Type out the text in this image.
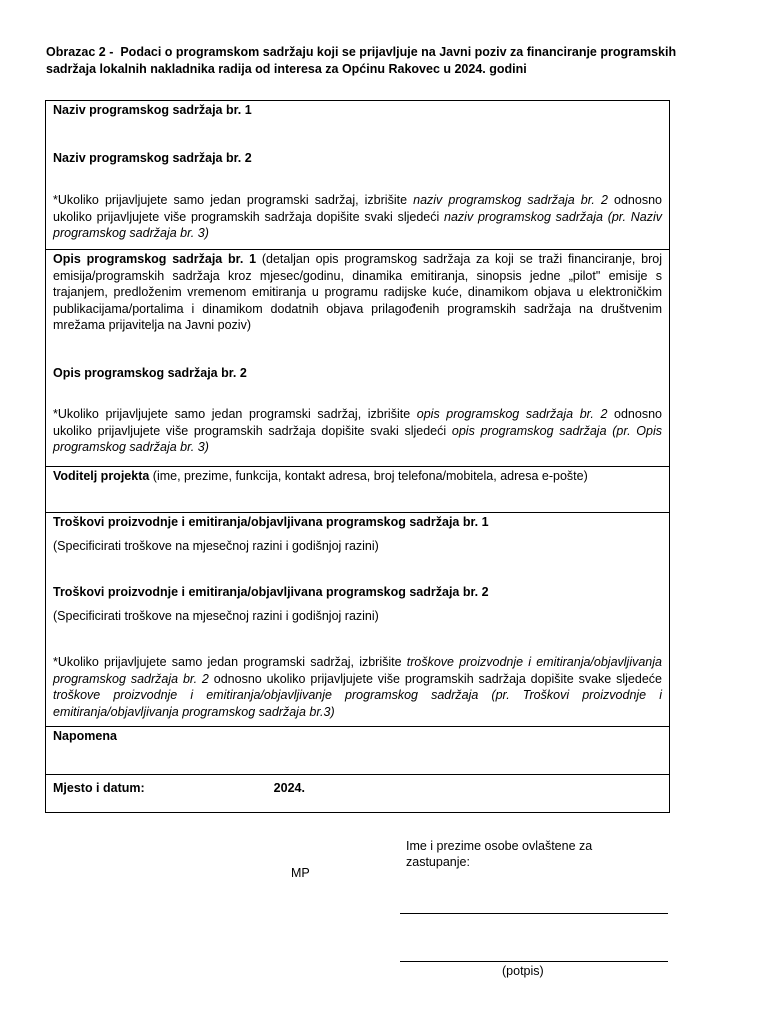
Obrazac 2 - Podaci o programskom sadržaju koji se prijavljuje na Javni poziv za financiranje programskih sadržaja lokalnih nakladnika radija od interesa za Općinu Rakovec u 2024. godini

Naziv programskog sadržaja br. 1

Naziv programskog sadržaja br. 2

*Ukoliko prijavljujete samo jedan programski sadržaj, izbrišite naziv programskog sadržaja br. 2 odnosno ukoliko prijavljujete više programskih sadržaja dopišite svaki sljedeći naziv programskog sadržaja (pr. Naziv programskog sadržaja br. 3)

Opis programskog sadržaja br. 1 (detaljan opis programskog sadržaja za koji se traži financiranje, broj emisija/programskih sadržaja kroz mjesec/godinu, dinamika emitiranja, sinopsis jedne „pilot" emisije s trajanjem, predloženim vremenom emitiranja u programu radijske kuće, dinamikom objava u elektroničkim publikacijama/portalima i dinamikom dodatnih objava prilagođenih programskih sadržaja na društvenim mrežama prijavitelja na Javni poziv)

Opis programskog sadržaja br. 2

*Ukoliko prijavljujete samo jedan programski sadržaj, izbrišite opis programskog sadržaja br. 2 odnosno ukoliko prijavljujete više programskih sadržaja dopišite svaki sljedeći opis programskog sadržaja (pr. Opis programskog sadržaja br. 3)

Voditelj projekta (ime, prezime, funkcija, kontakt adresa, broj telefona/mobitela, adresa e-pošte)

Troškovi proizvodnje i emitiranja/objavljivana programskog sadržaja br. 1

(Specificirati troškove na mjesečnoj razini i godišnjoj razini)

Troškovi proizvodnje i emitiranja/objavljivana programskog sadržaja br. 2

(Specificirati troškove na mjesečnoj razini i godišnjoj razini)

*Ukoliko prijavljujete samo jedan programski sadržaj, izbrišite troškove proizvodnje i emitiranja/objavljivanja programskog sadržaja br. 2 odnosno ukoliko prijavljujete više programskih sadržaja dopišite svake sljedeće troškove proizvodnje i emitiranja/objavljivanje programskog sadržaja (pr. Troškovi proizvodnje i emitiranja/objavljivanja programskog sadržaja br.3)

Napomena

Mjesto i datum:	2024.
MP
Ime i prezime osobe ovlaštene za zastupanje:
(potpis)
